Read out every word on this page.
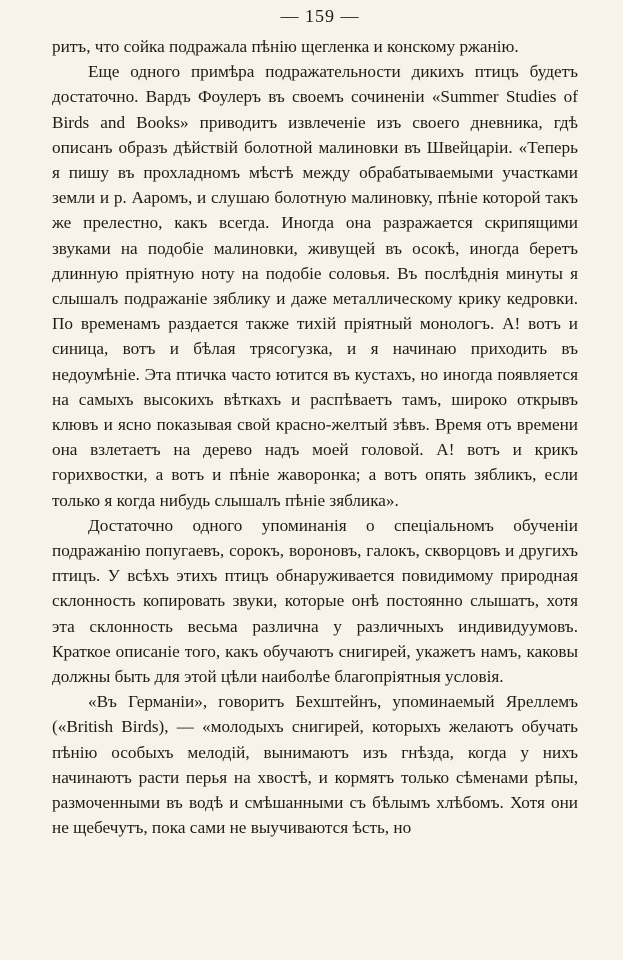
— 159 —

ритъ, что сойка подражала пѣнію щегленка и конскому ржанію.

Еще одного примѣра подражательности дикихъ птицъ будетъ достаточно. Вардъ Фоулеръ въ своемъ сочиненіи «Summer Studies of Birds and Books» приводитъ извлеченіе изъ своего дневника, гдѣ описанъ образъ дѣйствій болотной малиновки въ Швейцаріи. «Теперь я пишу въ прохладномъ мѣстѣ между обрабатываемыми участками земли и р. Ааромъ, и слушаю болотную малиновку, пѣніе которой такъ же прелестно, какъ всегда. Иногда она разражается скрипящими звуками на подобіе малиновки, живущей въ осокѣ, иногда беретъ длинную пріятную ноту на подобіе соловья. Въ послѣднія минуты я слышалъ подражаніе зяблику и даже металлическому крику кедровки. По временамъ раздается также тихій пріятный монологъ. А! вотъ и синица, вотъ и бѣлая трясогузка, и я начинаю приходить въ недоумѣніе. Эта птичка часто ютится въ кустахъ, но иногда появляется на самыхъ высокихъ вѣткахъ и распѣваетъ тамъ, широко открывъ клювъ и ясно показывая свой красно-желтый зѣвъ. Время отъ времени она взлетаетъ на дерево надъ моей головой. А! вотъ и крикъ горихвостки, а вотъ и пѣніе жаворонка; а вотъ опять зябликъ, если только я когда нибудь слышалъ пѣніе зяблика».

Достаточно одного упоминанія о спеціальномъ обученіи подражанію попугаевъ, сорокъ, вороновъ, галокъ, скворцовъ и другихъ птицъ. У всѣхъ этихъ птицъ обнаруживается повидимому природная склонность копировать звуки, которые онѣ постоянно слышатъ, хотя эта склонность весьма различна у различныхъ индивидуумовъ. Краткое описаніе того, какъ обучаютъ снигирей, укажетъ намъ, каковы должны быть для этой цѣли наиболѣе благопріятныя условія.

«Въ Германіи», говоритъ Бехштейнъ, упоминаемый Яреллемъ («British Birds), — «молодыхъ снигирей, которыхъ желаютъ обучать пѣнію особыхъ мелодій, вынимаютъ изъ гнѣзда, когда у нихъ начинаютъ расти перья на хвостѣ, и кормятъ только сѣменами рѣпы, размоченными въ водѣ и смѣшанными съ бѣлымъ хлѣбомъ. Хотя они не щебечутъ, пока сами не выучиваются ѣсть, но
